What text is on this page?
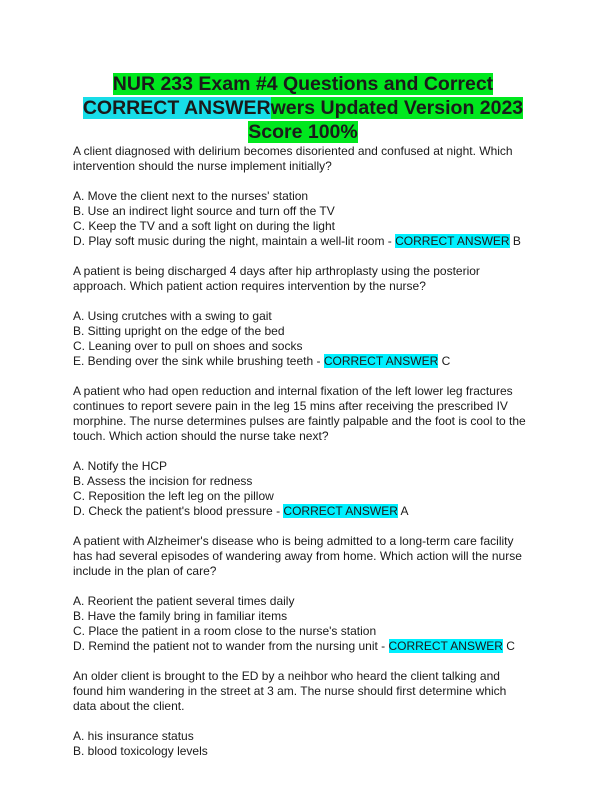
NUR 233 Exam #4 Questions and Correct
CORRECT ANSWERwers Updated Version 2023
Score 100%

A client diagnosed with delirium becomes disoriented and confused at night. Which intervention should the nurse implement initially?

A. Move the client next to the nurses' station

B. Use an indirect light source and turn off the TV

C. Keep the TV and a soft light on during the light

D. Play soft music during the night, maintain a well-lit room - CORRECT ANSWER B

A patient is being discharged 4 days after hip arthroplasty using the posterior approach. Which patient action requires intervention by the nurse?

A. Using crutches with a swing to gait

B. Sitting upright on the edge of the bed

C. Leaning over to pull on shoes and socks

E. Bending over the sink while brushing teeth - CORRECT ANSWER C

A patient who had open reduction and internal fixation of the left lower leg fractures continues to report severe pain in the leg 15 mins after receiving the prescribed IV morphine. The nurse determines pulses are faintly palpable and the foot is cool to the touch. Which action should the nurse take next?

A. Notify the HCP

B. Assess the incision for redness

C. Reposition the left leg on the pillow

D. Check the patient's blood pressure - CORRECT ANSWER A

A patient with Alzheimer's disease who is being admitted to a long-term care facility has had several episodes of wandering away from home. Which action will the nurse include in the plan of care?

A. Reorient the patient several times daily

B. Have the family bring in familiar items

C. Place the patient in a room close to the nurse's station

D. Remind the patient not to wander from the nursing unit - CORRECT ANSWER C

An older client is brought to the ED by a neihbor who heard the client talking and found him wandering in the street at 3 am. The nurse should first determine which data about the client.

A. his insurance status

B. blood toxicology levels
